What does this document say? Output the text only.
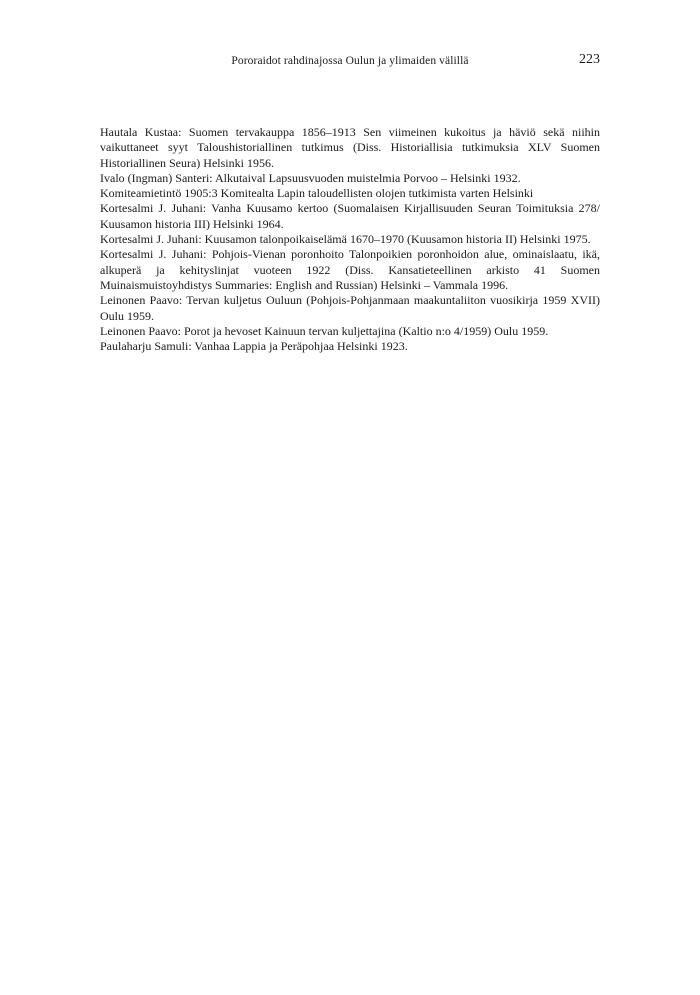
Pororaidot rahdinajossa Oulun ja ylimaiden välillä	223

Hautala Kustaa: Suomen tervakauppa 1856–1913 Sen viimeinen kukoitus ja häviö sekä niihin vaikuttaneet syyt Taloushistoriallinen tutkimus (Diss. Historiallisia tutkimuksia XLV Suomen Historiallinen Seura) Helsinki 1956.

Ivalo (Ingman) Santeri: Alkutaival Lapsuusvuoden muistelmia Porvoo – Helsinki 1932.

Komiteamietintö 1905:3 Komitealta Lapin taloudellisten olojen tutkimista varten Helsinki

Kortesalmi J. Juhani: Vanha Kuusamo kertoo (Suomalaisen Kirjallisuuden Seuran Toimituksia 278/ Kuusamon historia III) Helsinki 1964.

Kortesalmi J. Juhani: Kuusamon talonpoikaiselämä 1670–1970 (Kuusamon historia II) Helsinki 1975.

Kortesalmi J. Juhani: Pohjois-Vienan poronhoito Talonpoikien poronhoidon alue, ominaislaatu, ikä, alkuperä ja kehityslinjat vuoteen 1922 (Diss. Kansatieteellinen arkisto 41 Suomen Muinaismuistoyhdistys Summaries: English and Russian) Helsinki – Vammala 1996.

Leinonen Paavo: Tervan kuljetus Ouluun (Pohjois-Pohjanmaan maakuntaliiton vuosikirja 1959 XVII) Oulu 1959.

Leinonen Paavo: Porot ja hevoset Kainuun tervan kuljettajina (Kaltio n:o 4/1959) Oulu 1959.

Paulaharju Samuli: Vanhaa Lappia ja Peräpohjaa Helsinki 1923.
